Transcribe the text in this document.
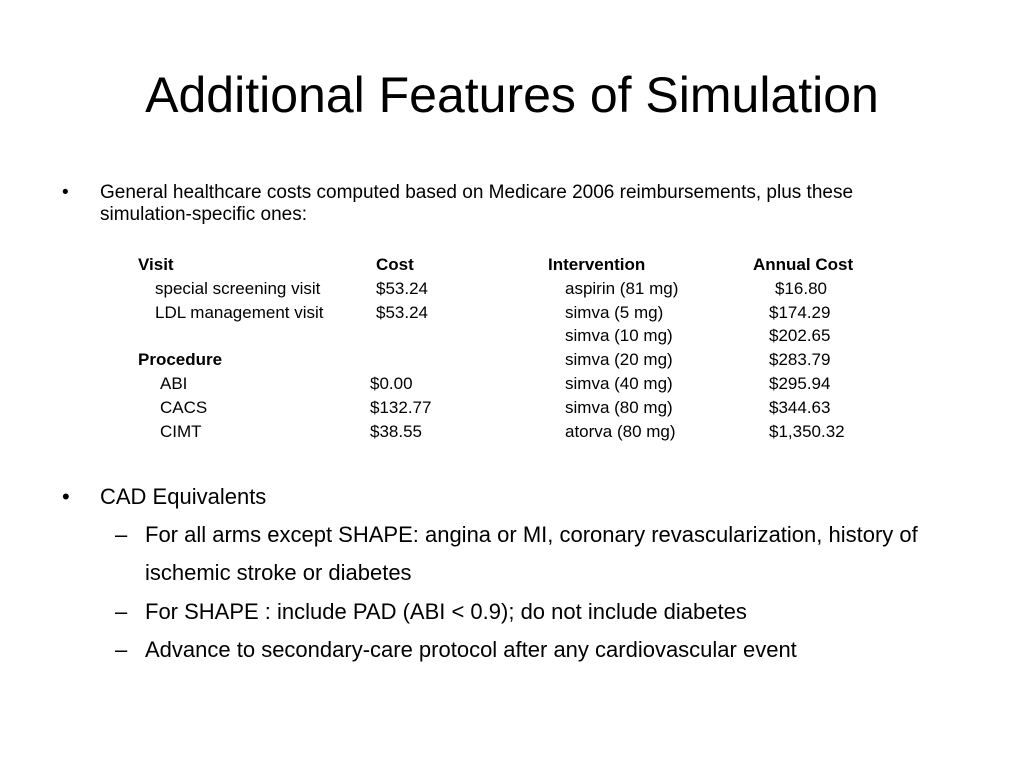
Additional Features of Simulation
• General healthcare costs computed based on Medicare 2006 reimbursements, plus these simulation-specific ones:
Visit	Cost	Intervention	Annual Cost
special screening visit	$53.24
LDL management visit	$53.24
Procedure
ABI	$0.00
CACS	$132.77
CIMT	$38.55
aspirin (81 mg)	$16.80
simva (5 mg)	$174.29
simva (10 mg)	$202.65
simva (20 mg)	$283.79
simva (40 mg)	$295.94
simva (80 mg)	$344.63
atorva (80 mg)	$1,350.32
• CAD Equivalents
– For all arms except SHAPE: angina or MI, coronary revascularization, history of ischemic stroke or diabetes
– For SHAPE : include PAD (ABI < 0.9); do not include diabetes
– Advance to secondary-care protocol after any cardiovascular event
